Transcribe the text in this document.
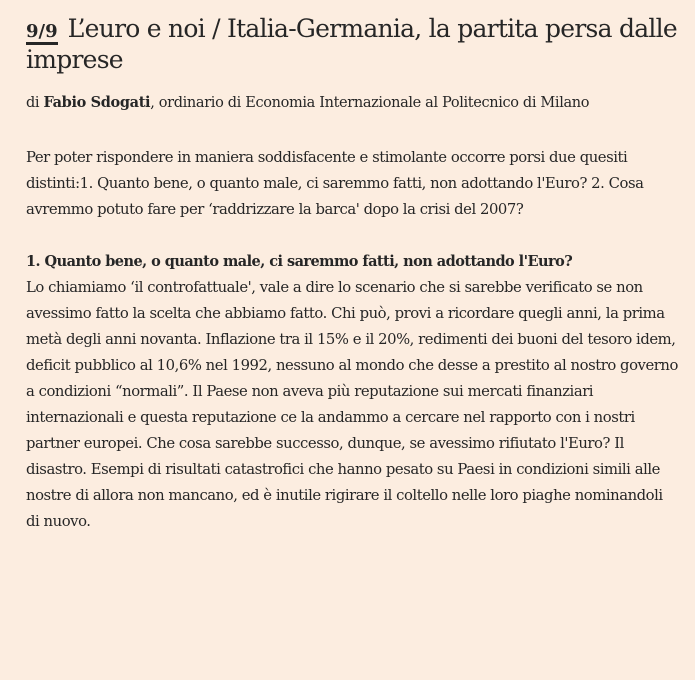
9/9 L’euro e noi / Italia-Germania, la partita persa dalle imprese
di Fabio Sdogati, ordinario di Economia Internazionale al Politecnico di Milano

Per poter rispondere in maniera soddisfacente e stimolante occorre porsi due quesiti distinti:1. Quanto bene, o quanto male, ci saremmo fatti, non adottando l'Euro? 2. Cosa avremmo potuto fare per ‘raddrizzare la barca' dopo la crisi del 2007?

1. Quanto bene, o quanto male, ci saremmo fatti, non adottando l'Euro?

Lo chiamiamo ‘il controfattuale', vale a dire lo scenario che si sarebbe verificato se non avessimo fatto la scelta che abbiamo fatto. Chi può, provi a ricordare quegli anni, la prima metà degli anni novanta. Inflazione tra il 15% e il 20%, redimenti dei buoni del tesoro idem, deficit pubblico al 10,6% nel 1992, nessuno al mondo che desse a prestito al nostro governo a condizioni “normali”. Il Paese non aveva più reputazione sui mercati finanziari internazionali e questa reputazione ce la andammo a cercare nel rapporto con i nostri partner europei. Che cosa sarebbe successo, dunque, se avessimo rifiutato l'Euro? Il disastro. Esempi di risultati catastrofici che hanno pesato su Paesi in condizioni simili alle nostre di allora non mancano, ed è inutile rigirare il coltello nelle loro piaghe nominandoli di nuovo.
